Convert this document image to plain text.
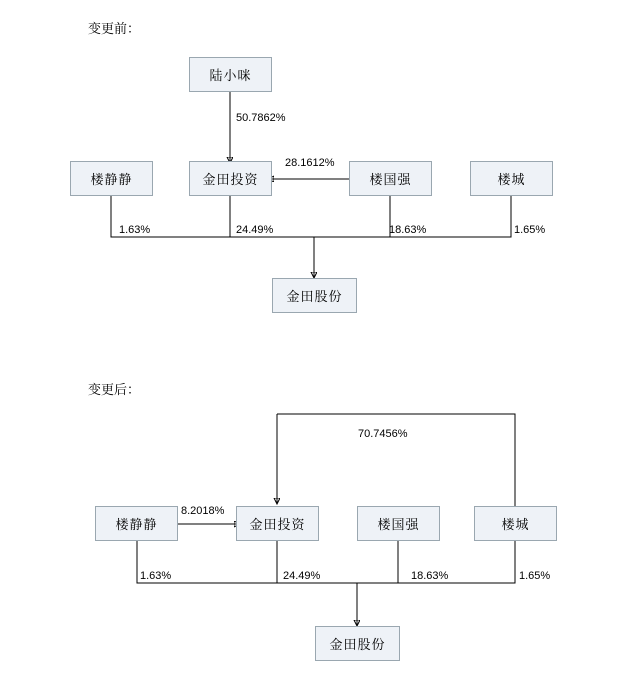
变更前：
变更后：
陆小咪
楼静静	金田投资	楼国强	楼城
金田股份
50.7862%
28.1612%
1.63%	24.49%	18.63%	1.65%
楼静静	金田投资	楼国强	楼城
金田股份
70.7456%
8.2018%
1.63%	24.49%	18.63%	1.65%
